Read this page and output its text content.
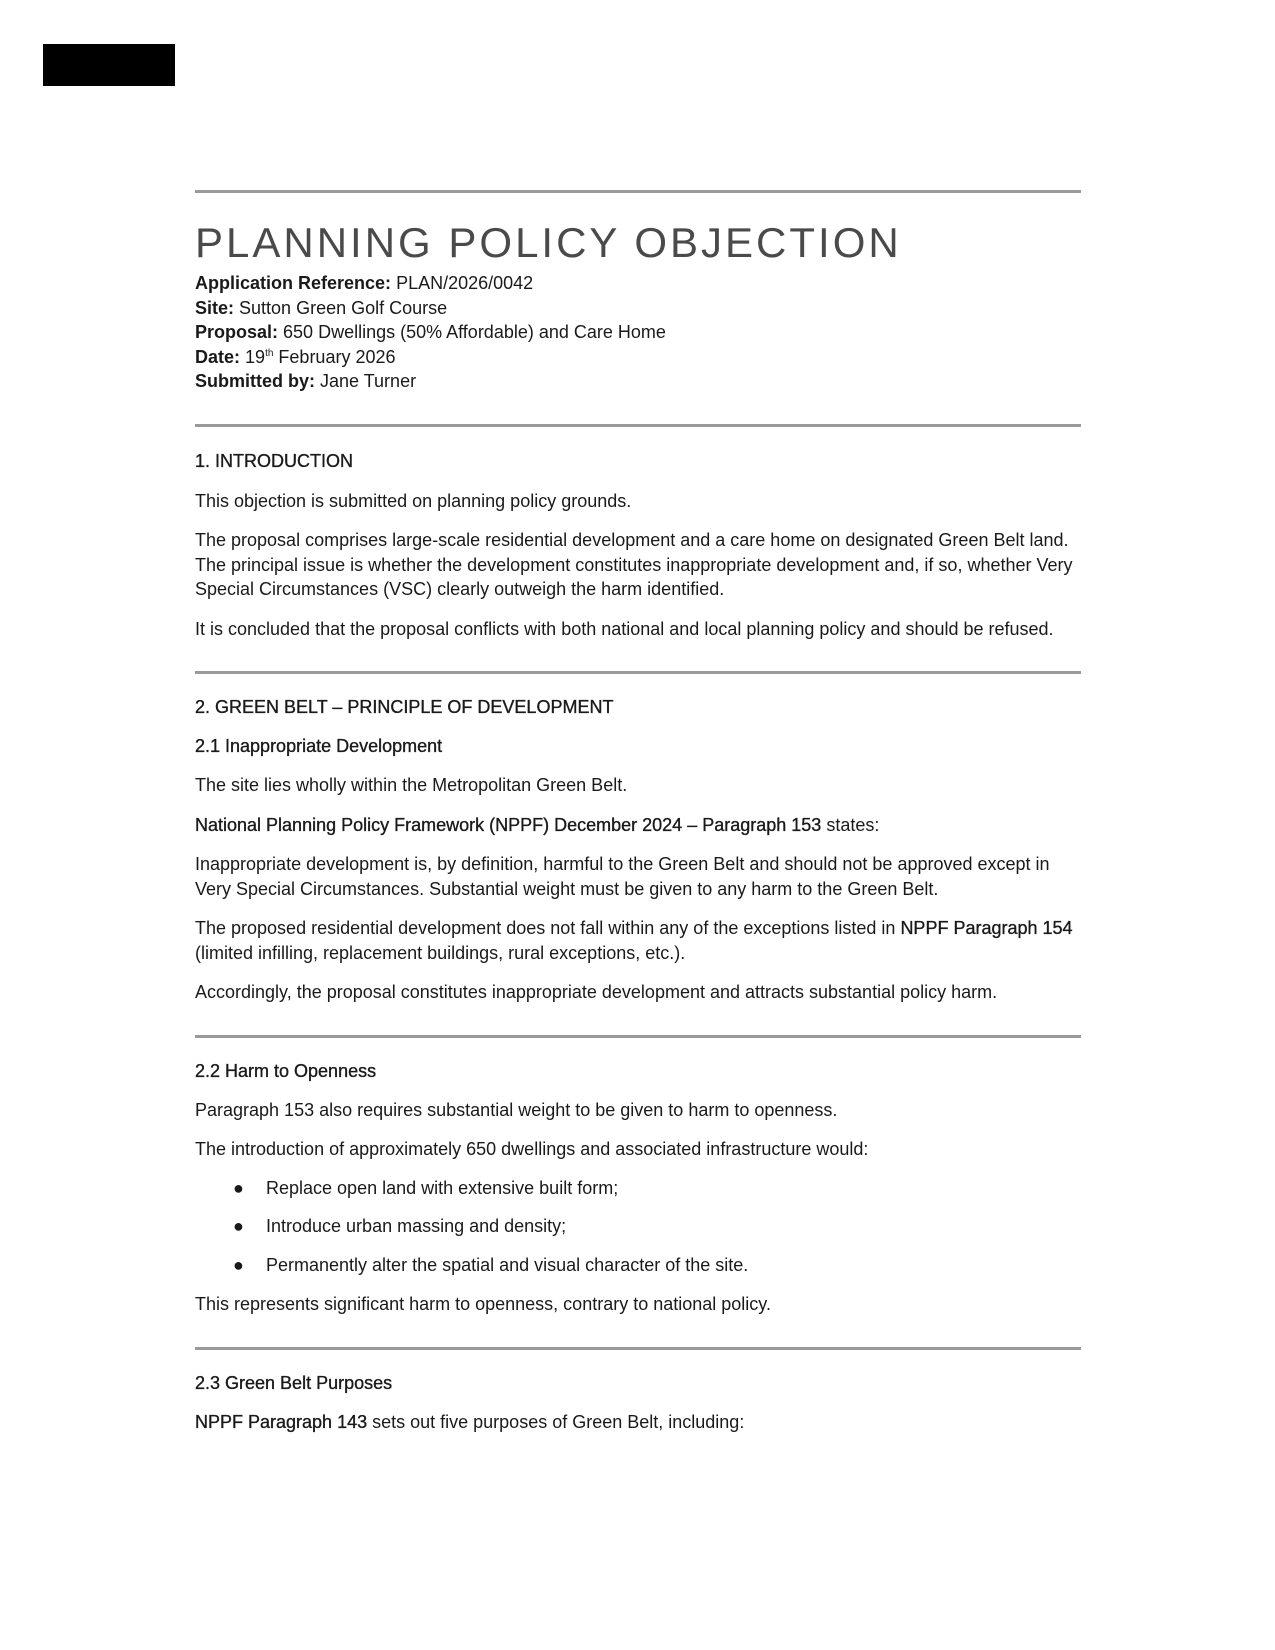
PLANNING POLICY OBJECTION

Application Reference: PLAN/2026/0042

Site: Sutton Green Golf Course

Proposal: 650 Dwellings (50% Affordable) and Care Home

Date: 19th February 2026

Submitted by: Jane Turner

1. INTRODUCTION

This objection is submitted on planning policy grounds.

The proposal comprises large-scale residential development and a care home on designated Green Belt land. The principal issue is whether the development constitutes inappropriate development and, if so, whether Very Special Circumstances (VSC) clearly outweigh the harm identified.

It is concluded that the proposal conflicts with both national and local planning policy and should be refused.

2. GREEN BELT – PRINCIPLE OF DEVELOPMENT
2.1 Inappropriate Development

The site lies wholly within the Metropolitan Green Belt.

National Planning Policy Framework (NPPF) December 2024 – Paragraph 153 states:

Inappropriate development is, by definition, harmful to the Green Belt and should not be approved except in Very Special Circumstances. Substantial weight must be given to any harm to the Green Belt.

The proposed residential development does not fall within any of the exceptions listed in NPPF Paragraph 154 (limited infilling, replacement buildings, rural exceptions, etc.).

Accordingly, the proposal constitutes inappropriate development and attracts substantial policy harm.

2.2 Harm to Openness

Paragraph 153 also requires substantial weight to be given to harm to openness.

The introduction of approximately 650 dwellings and associated infrastructure would:

● Replace open land with extensive built form;
● Introduce urban massing and density;
● Permanently alter the spatial and visual character of the site.

This represents significant harm to openness, contrary to national policy.

2.3 Green Belt Purposes

NPPF Paragraph 143 sets out five purposes of Green Belt, including:
